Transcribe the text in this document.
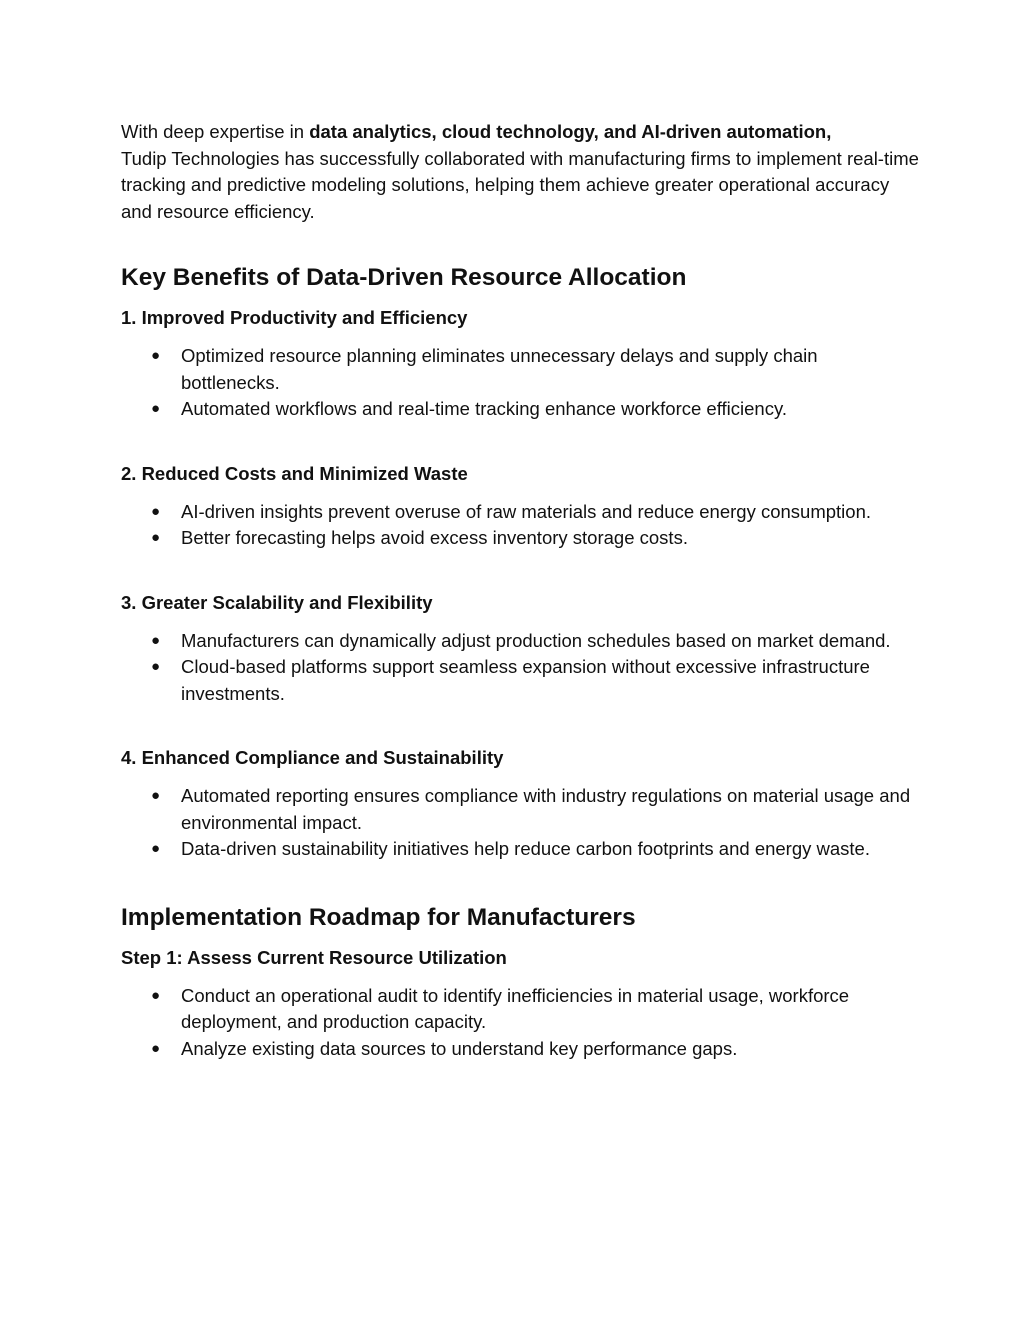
With deep expertise in data analytics, cloud technology, and AI-driven automation,
Tudip Technologies has successfully collaborated with manufacturing firms to implement real-time tracking and predictive modeling solutions, helping them achieve greater operational accuracy and resource efficiency.

Key Benefits of Data-Driven Resource Allocation
1. Improved Productivity and Efficiency
● Optimized resource planning eliminates unnecessary delays and supply chain bottlenecks.
● Automated workflows and real-time tracking enhance workforce efficiency.
2. Reduced Costs and Minimized Waste
● AI-driven insights prevent overuse of raw materials and reduce energy consumption.
● Better forecasting helps avoid excess inventory storage costs.
3. Greater Scalability and Flexibility
● Manufacturers can dynamically adjust production schedules based on market demand.
● Cloud-based platforms support seamless expansion without excessive infrastructure investments.
4. Enhanced Compliance and Sustainability
● Automated reporting ensures compliance with industry regulations on material usage and environmental impact.
● Data-driven sustainability initiatives help reduce carbon footprints and energy waste.
Implementation Roadmap for Manufacturers
Step 1: Assess Current Resource Utilization
● Conduct an operational audit to identify inefficiencies in material usage, workforce deployment, and production capacity.
● Analyze existing data sources to understand key performance gaps.
